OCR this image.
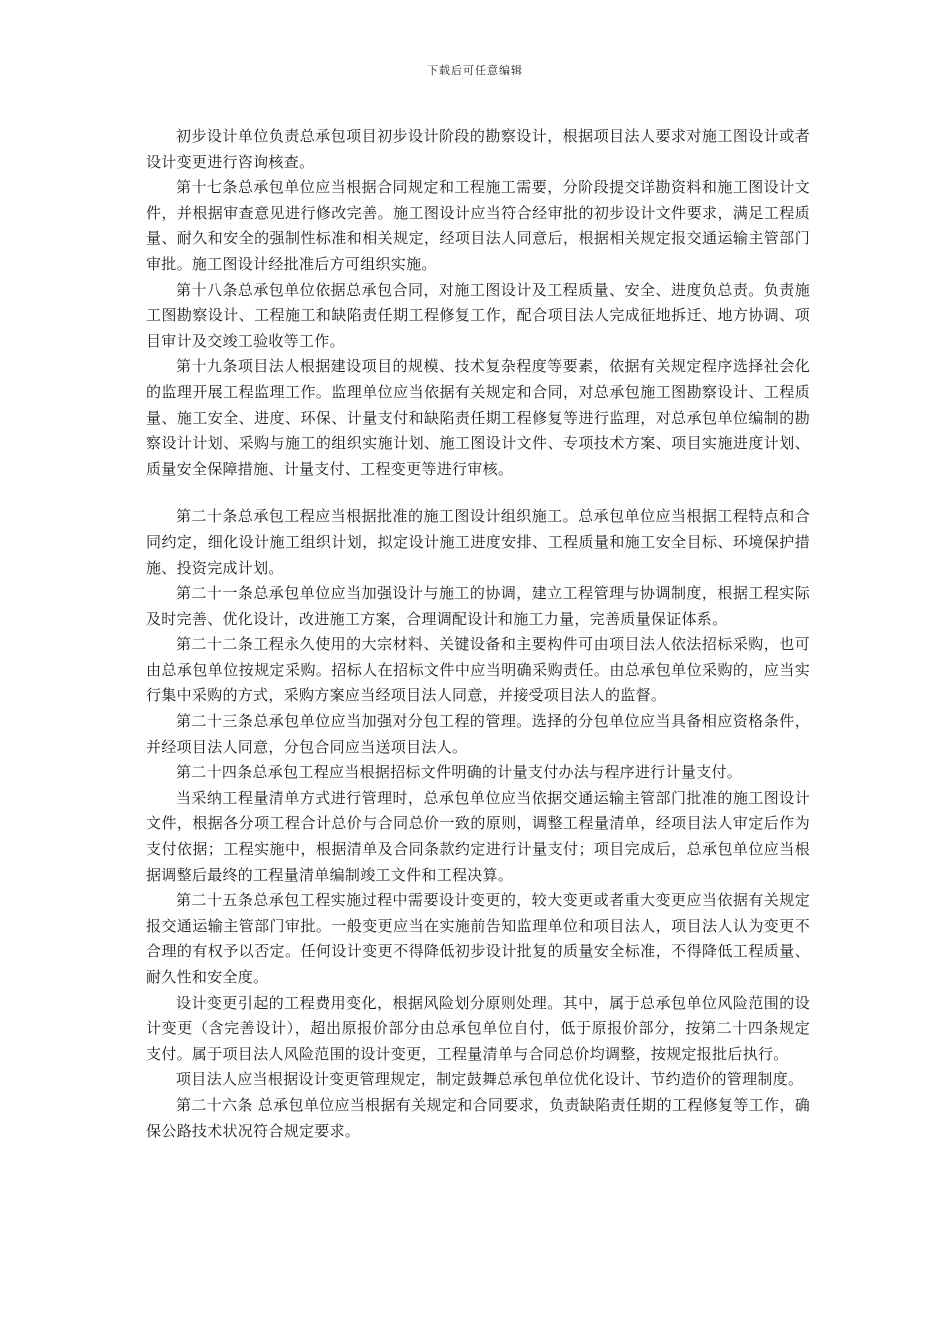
下载后可任意编辑

初步设计单位负责总承包项目初步设计阶段的勘察设计，根据项目法人要求对施工图设计或者设计变更进行咨询核查。

第十七条总承包单位应当根据合同规定和工程施工需要，分阶段提交详勘资料和施工图设计文件，并根据审查意见进行修改完善。施工图设计应当符合经审批的初步设计文件要求，满足工程质量、耐久和安全的强制性标准和相关规定，经项目法人同意后，根据相关规定报交通运输主管部门审批。施工图设计经批准后方可组织实施。

第十八条总承包单位依据总承包合同，对施工图设计及工程质量、安全、进度负总责。负责施工图勘察设计、工程施工和缺陷责任期工程修复工作，配合项目法人完成征地拆迁、地方协调、项目审计及交竣工验收等工作。

第十九条项目法人根据建设项目的规模、技术复杂程度等要素，依据有关规定程序选择社会化的监理开展工程监理工作。监理单位应当依据有关规定和合同，对总承包施工图勘察设计、工程质量、施工安全、进度、环保、计量支付和缺陷责任期工程修复等进行监理，对总承包单位编制的勘察设计计划、采购与施工的组织实施计划、施工图设计文件、专项技术方案、项目实施进度计划、质量安全保障措施、计量支付、工程变更等进行审核。

第二十条总承包工程应当根据批准的施工图设计组织施工。总承包单位应当根据工程特点和合同约定，细化设计施工组织计划，拟定设计施工进度安排、工程质量和施工安全目标、环境保护措施、投资完成计划。

第二十一条总承包单位应当加强设计与施工的协调，建立工程管理与协调制度，根据工程实际及时完善、优化设计，改进施工方案，合理调配设计和施工力量，完善质量保证体系。

第二十二条工程永久使用的大宗材料、关键设备和主要构件可由项目法人依法招标采购，也可由总承包单位按规定采购。招标人在招标文件中应当明确采购责任。由总承包单位采购的，应当实行集中采购的方式，采购方案应当经项目法人同意，并接受项目法人的监督。

第二十三条总承包单位应当加强对分包工程的管理。选择的分包单位应当具备相应资格条件，并经项目法人同意，分包合同应当送项目法人。

第二十四条总承包工程应当根据招标文件明确的计量支付办法与程序进行计量支付。

当采纳工程量清单方式进行管理时，总承包单位应当依据交通运输主管部门批准的施工图设计文件，根据各分项工程合计总价与合同总价一致的原则，调整工程量清单，经项目法人审定后作为支付依据；工程实施中，根据清单及合同条款约定进行计量支付；项目完成后，总承包单位应当根据调整后最终的工程量清单编制竣工文件和工程决算。

第二十五条总承包工程实施过程中需要设计变更的，较大变更或者重大变更应当依据有关规定报交通运输主管部门审批。一般变更应当在实施前告知监理单位和项目法人，项目法人认为变更不合理的有权予以否定。任何设计变更不得降低初步设计批复的质量安全标准，不得降低工程质量、耐久性和安全度。

设计变更引起的工程费用变化，根据风险划分原则处理。其中，属于总承包单位风险范围的设计变更（含完善设计），超出原报价部分由总承包单位自付，低于原报价部分，按第二十四条规定支付。属于项目法人风险范围的设计变更，工程量清单与合同总价均调整，按规定报批后执行。

项目法人应当根据设计变更管理规定，制定鼓舞总承包单位优化设计、节约造价的管理制度。

第二十六条 总承包单位应当根据有关规定和合同要求，负责缺陷责任期的工程修复等工作，确保公路技术状况符合规定要求。
